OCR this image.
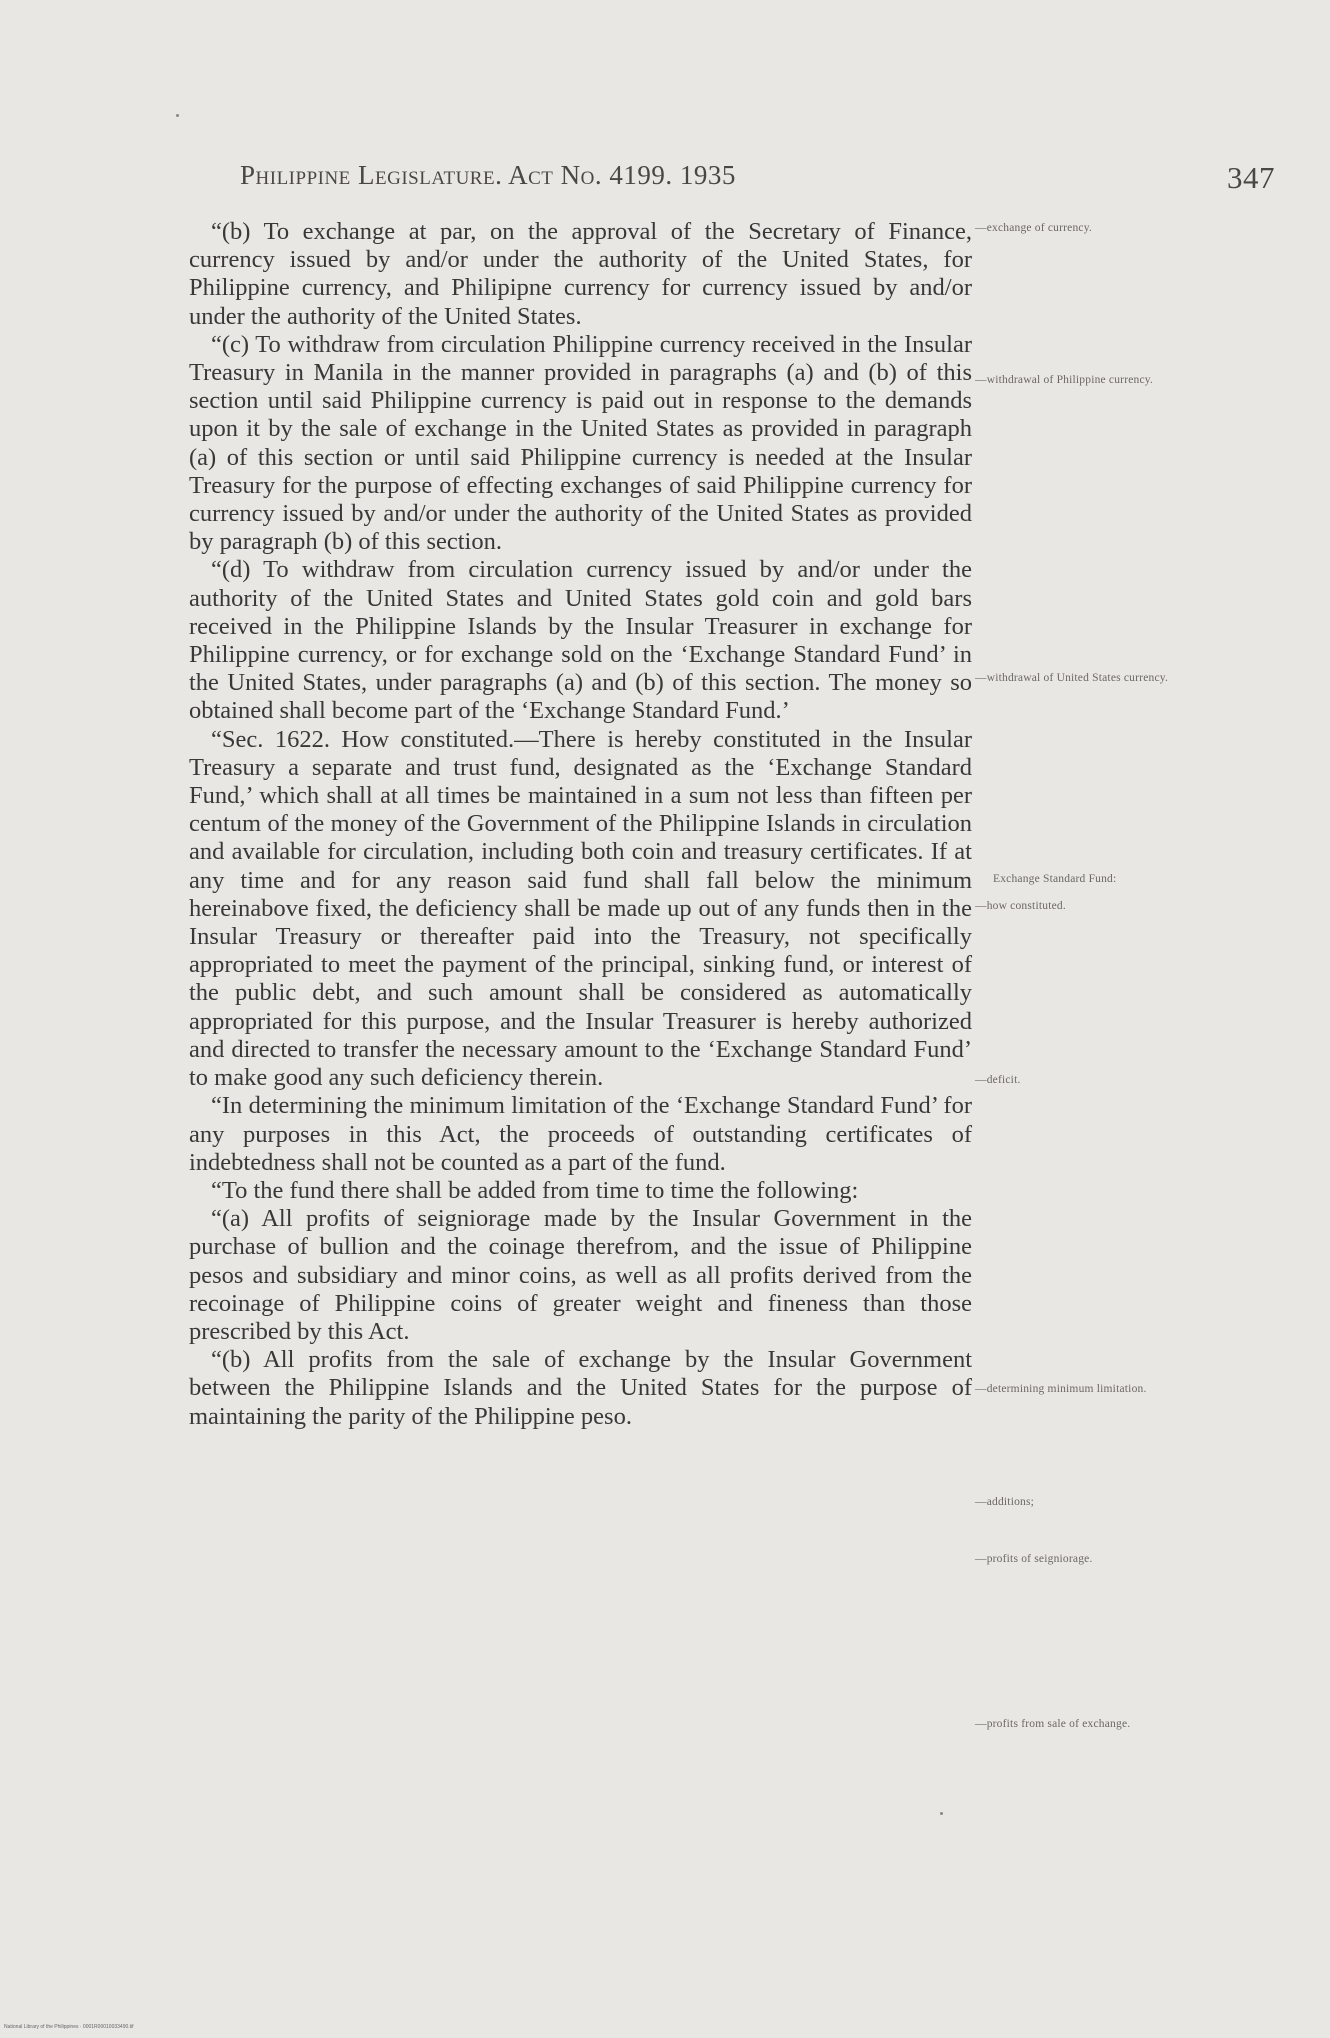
Philippine Legislature. Act No. 4199. 1935	347

“(b) To exchange at par, on the approval of the Secretary of Finance, currency issued by and/or under the authority of the United States, for Philippine currency, and Philipipne currency for currency issued by and/or under the authority of the United States.

“(c) To withdraw from circulation Philippine currency received in the Insular Treasury in Manila in the manner provided in paragraphs (a) and (b) of this section until said Philippine currency is paid out in response to the demands upon it by the sale of exchange in the United States as provided in paragraph (a) of this section or until said Philippine currency is needed at the Insular Treasury for the purpose of effecting exchanges of said Philippine currency for currency issued by and/or under the authority of the United States as provided by paragraph (b) of this section.

“(d) To withdraw from circulation currency issued by and/or under the authority of the United States and United States gold coin and gold bars received in the Philippine Islands by the Insular Treasurer in exchange for Philippine currency, or for exchange sold on the ‘Exchange Standard Fund’ in the United States, under paragraphs (a) and (b) of this section. The money so obtained shall become part of the ‘Exchange Standard Fund.’

“Sec. 1622. How constituted.—There is hereby constituted in the Insular Treasury a separate and trust fund, designated as the ‘Exchange Standard Fund,’ which shall at all times be maintained in a sum not less than fifteen per centum of the money of the Government of the Philippine Islands in circulation and available for circulation, including both coin and treasury certificates. If at any time and for any reason said fund shall fall below the minimum hereinabove fixed, the deficiency shall be made up out of any funds then in the Insular Treasury or thereafter paid into the Treasury, not specifically appropriated to meet the payment of the principal, sinking fund, or interest of the public debt, and such amount shall be considered as automatically appropriated for this purpose, and the Insular Treasurer is hereby authorized and directed to transfer the necessary amount to the ‘Exchange Standard Fund’ to make good any such deficiency therein.

“In determining the minimum limitation of the ‘Exchange Standard Fund’ for any purposes in this Act, the proceeds of outstanding certificates of indebtedness shall not be counted as a part of the fund.

“To the fund there shall be added from time to time the following:

“(a) All profits of seigniorage made by the Insular Government in the purchase of bullion and the coinage therefrom, and the issue of Philippine pesos and subsidiary and minor coins, as well as all profits derived from the recoinage of Philippine coins of greater weight and fineness than those prescribed by this Act.

“(b) All profits from the sale of exchange by the Insular Government between the Philippine Islands and the United States for the purpose of maintaining the parity of the Philippine peso.

—exchange of currency.
—withdrawal of Philippine currency.
—withdrawal of United States currency.
Exchange Standard Fund:
—how constituted.
—deficit.
—determining minimum limitation.
—additions;
—profits of seigniorage.
—profits from sale of exchange.
National Library of the Philippines · 0001R00010033490.tif
